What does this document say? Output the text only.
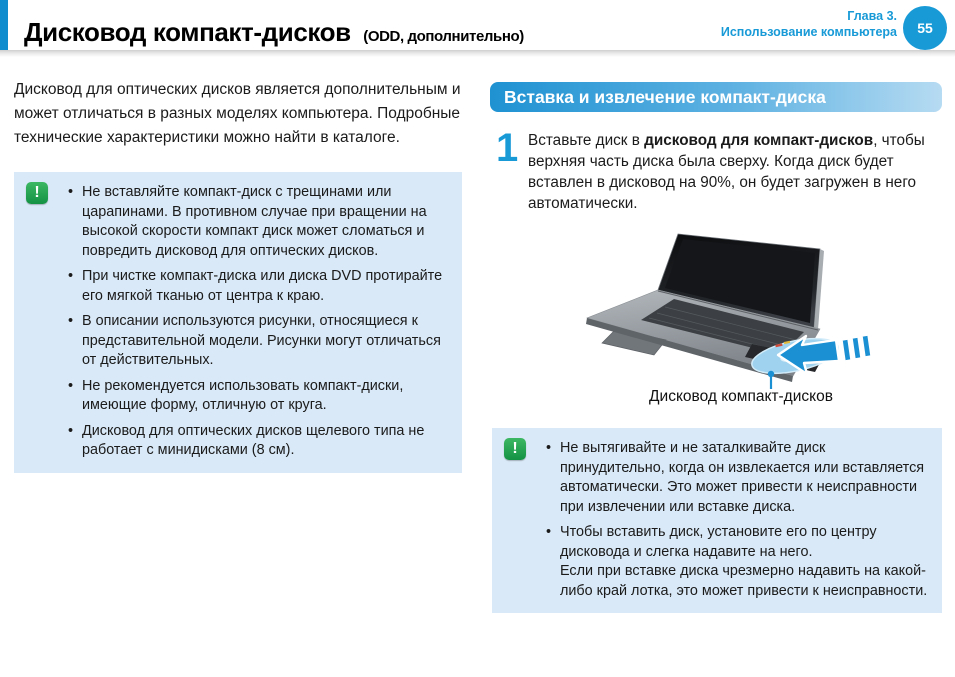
Дисковод компакт-дисков (ODD, дополнительно)
Глава 3.
Использование компьютера 55

Дисковод для оптических дисков является дополнительным и может отличаться в разных моделях компьютера. Подробные технические характеристики можно найти в каталоге.

!	• Не вставляйте компакт-диск с трещинами или царапинами. В противном случае при вращении на высокой скорости компакт диск может сломаться и повредить дисковод для оптических дисков.
• При чистке компакт-диска или диска DVD протирайте его мягкой тканью от центра к краю.
• В описании используются рисунки, относящиеся к представительной модели. Рисунки могут отличаться от действительных.
• Не рекомендуется использовать компакт-диски, имеющие форму, отличную от круга.
• Дисковод для оптических дисков щелевого типа не работает с минидисками (8 см).
Вставка и извлечение компакт-диска
1 Вставьте диск в дисковод для компакт-дисков, чтобы верхняя часть диска была сверху. Когда диск будет вставлен в дисковод на 90%, он будет загружен в него автоматически.

Дисковод компакт-дисков
!	• Не вытягивайте и не заталкивайте диск принудительно, когда он извлекается или вставляется автоматически. Это может привести к неисправности при извлечении или вставке диска.
• Чтобы вставить диск, установите его по центру дисковода и слегка надавите на него.
Если при вставке диска чрезмерно надавить на какой-либо край лотка, это может привести к неисправности.
